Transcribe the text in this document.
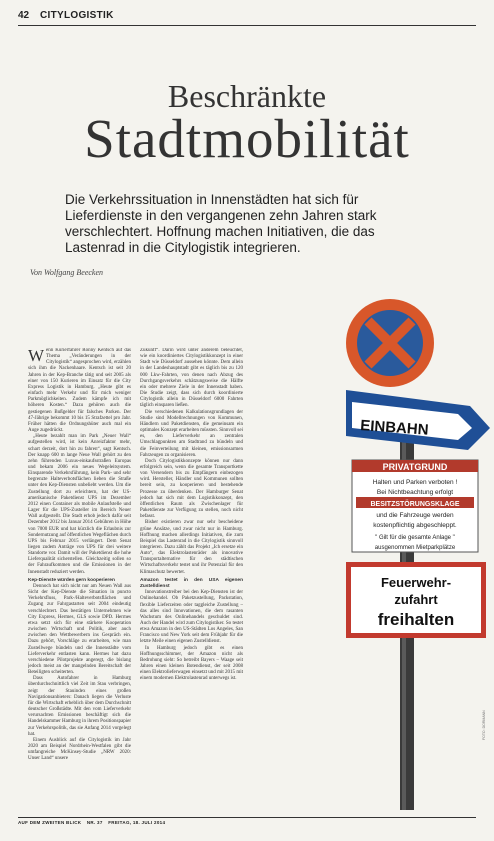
42 CITYLOGISTIK
Beschränkte
Stadtmobilität
Die Verkehrssituation in Innenstädten hat sich für Lieferdienste in den vergangenen zehn Jahren stark verschlechtert. Hoffnung machen Initiativen, die das Lastenrad in die Citylogistik integrieren.
Von Wolfgang Beecken

Wenn Kurierfahrer Ronny Kentsch auf das Thema „Veränderungen in der Citylogistik“ angesprochen wird, erzählen sich ihm die Nackenhaare. Kentsch ist seit 20 Jahren in der Kep-Branche tätig und seit 2005 als einer von 150 Kurieren im Einsatz für die City Express Logistik in Hamburg. „Heute gibt es einfach mehr Verkehr und für mich weniger Parkmöglichkeiten. Zudem kämpfe ich mit höheren Kosten.“ Dazu gehören auch die gestiegenen Bußgelder für falsches Parken. Der 47-Jährige bekommt 10 bis 15 Strafzettel pro Jahr. Früher hätten die Ordnungshüter auch mal ein Auge zugedrückt.

„Heute bezahlt man im Park „Neuer Wall“ aufgestellen wird, ist kein Anreizfaktor mehr, schart derzeit, dort hin zu fahren“, sagt Kentsch. Der knapp 600 m lange Neue Wall gehört zu den zehn führenden Luxus-einkaufsstraßen Europas und bekam 2006 ein neues Wegeleitsystem. Einsparende Verkehrsführung, kein Park- und sehr begrenzte Halteverbotsflächen lieben die Straße unter den Kep-Diensten unbeliebt werden. Um die Zustellung dort zu erleichtern, hat der US-amerikanische Paketdienst UPS im Dezember 2012 einen Container als mobile Anlaufstelle und Lager für die UPS-Zusteller im Bereich Neuer Wall aufgestellt. Die Stadt erhob jedoch dafür seit Dezember 2012 bis Januar 2014 Gebühren in Höhe von 7000 EUR und hat kürzlich die Erlaubnis zur Sondernutzung auf öffentlichen Wegeflächen durch UPS bis Februar 2015 verlängert. Dem Senat liegen zudem Anträge von UPS für drei weitere Standorte vor. Damit will der Paketdienst die hohe Lieferqualität sicherstellen. Gleichzeitig sollen so der Fahraufkommen und die Emissionen in der Innenstadt reduziert werden.

Kep-Dienste würden gern kooperieren

Dennoch hat sich nicht nur am Neuen Wall aus Sicht der Kep-Dienste die Situation in puncto Verkehrsfluss, Park-/Halteverbotsflächen und Zugang zur Fahrgastarten seit 2004 eindeutig verschlechtert. Das bestätigen Unternehmen wie City Express, Hermes, GLS sowie DPD. Hermes etwa setzt sich für eine stärkere Kooperation zwischen Wirtschaft und Politik, aber auch zwischen den Wettbewerbern ins Gespräch ein. Dazu gehört, Vorschläge zu erarbeiten, wie man Zustellwege bündeln und die Innenstädte vom Lieferverkehr entlasten kann. Hermes hat dazu verschiedene Pilotprojekte angeregt, die bislang jedoch meist an der mangelnden Bereitschaft der Beteiligten scheiterten.

Dass Autofahrer in Hamburg überdurchschnittlich viel Zeit im Stau verbringen, zeigt der Stauindex eines großen Navigationsanbieters: Danach liegen die Verluste für die Wirtschaft erheblich über dem Durchschnitt deutscher Großstädte. Mit den vom Lieferverkehr verursachten Emissionen beschäftigt sich die Handelskammer Hamburg in ihrem Positionspapier zur Verkehrspolitik, das sie Anfang 2014 vorgelegt hat.

Einem Ausblick auf die Citylogistik im Jahr 2020 am Beispiel Nordrhein-Westfalen gibt die umfangreiche McKinsey-Studie „NRW 2020: Unser Land“ unsere

Zukunft“. Darin wird unter anderem beleuchtet, wie ein koordiniertes Citylogistikkonzept in einer Stadt wie Düsseldorf aussehen könnte. Dem allein in der Landeshauptstadt gibt es täglich bis zu 120 000 Lkw-Fahrten, von denen nach Abzug des Durchgangsverkehrs schätzungsweise die Hälfte ein oder mehrere Ziele in der Innenstadt haben. Die Studie zeigt, dass sich durch koordinierte Citylogistik allein in Düsseldorf 6000 Fahrten täglich einsparen ließen.

Die verschiedenen Kalkulationsgrundlagen der Studie sind Modellrechnungen von Kommunen, Händlern und Paketdiensten, die gemeinsam ein optimales Konzept erarbeiten müssten. Sinnvoll sei es, den Lieferverkehr an zentralen Umschlagpunkten am Stadtrand zu bündeln und die Feinverteilung mit kleinen, emissionsarmen Fahrzeugen zu organisieren.

Doch Citylogistikkonzepte können nur dann erfolgreich sein, wenn die gesamte Transportkette von Versendern bis zu Empfängern einbezogen wird. Hersteller, Händler und Kommunen sollten bereit sein, zu kooperieren und bestehende Prozesse zu überdenken. Der Hamburger Senat jedoch hat sich mit dem Logistikkonzept, den öffentlichen Raum als Zwischenlager für Paketdienste zur Verfügung zu stellen, noch nicht befasst.

Bisher existieren zwar nur sehr bescheidene grüne Ansätze, und zwar nicht nur in Hamburg. Hoffnung machen allerdings Initiativen, die zum Beispiel das Lastenrad in die Citylogistik sinnvoll integrieren. Dazu zählt das Projekt „Ich ersetze ein Auto“, das Elektrolastenräder als innovative Transportalternative für den städtischen Wirtschaftsverkehr testet und ihr Potenzial für den Klimaschutz bewertet.

Amazon testet in den USA eigenen Zustelldienst

Innovationstreiber bei den Kep-Diensten ist der Onlinehandel. Ob Paketzustellung, Packstation, flexible Lieferzeiten oder taggleiche Zustellung – das alles sind Innovationen, die dem rasanten Wachstum des Onlinehandels geschuldet sind. Auch der Handel wird zum Citylogistiker. So testet etwa Amazon in den US-Städten Los Angeles, San Francisco und New York seit dem Frühjahr für die letzte Meile einen eigenen Zustelldienst.

In Hamburg jedoch gibt es einen Hoffnungsschimmer, der Amazon nicht als Bedrohung sieht: So betreibt Bayers – Waage seit Jahren einen kleinen Botendienst, der seit 2008 einen Elektrolieferwagen einsetzt und mit 2015 mit einem modernen Elektrolastenrad unterwegs ist.

EINBAHN
PRIVATGRUND
Halten und Parken verboten !
Bei Nichtbeachtung erfolgt
BESITZSTÖRUNGSKLAGE
und die Fahrzeuge werden
kostenpflichtig abgeschleppt.
" Gilt für die gesamte Anlage "
ausgenommen Mietparkplätze
Feuerwehr-
zufahrt
freihalten
FOTO: DORMANN
AUF DEM ZWEITEN BLICK NR. 37 FREITAG, 18. JULI 2014
